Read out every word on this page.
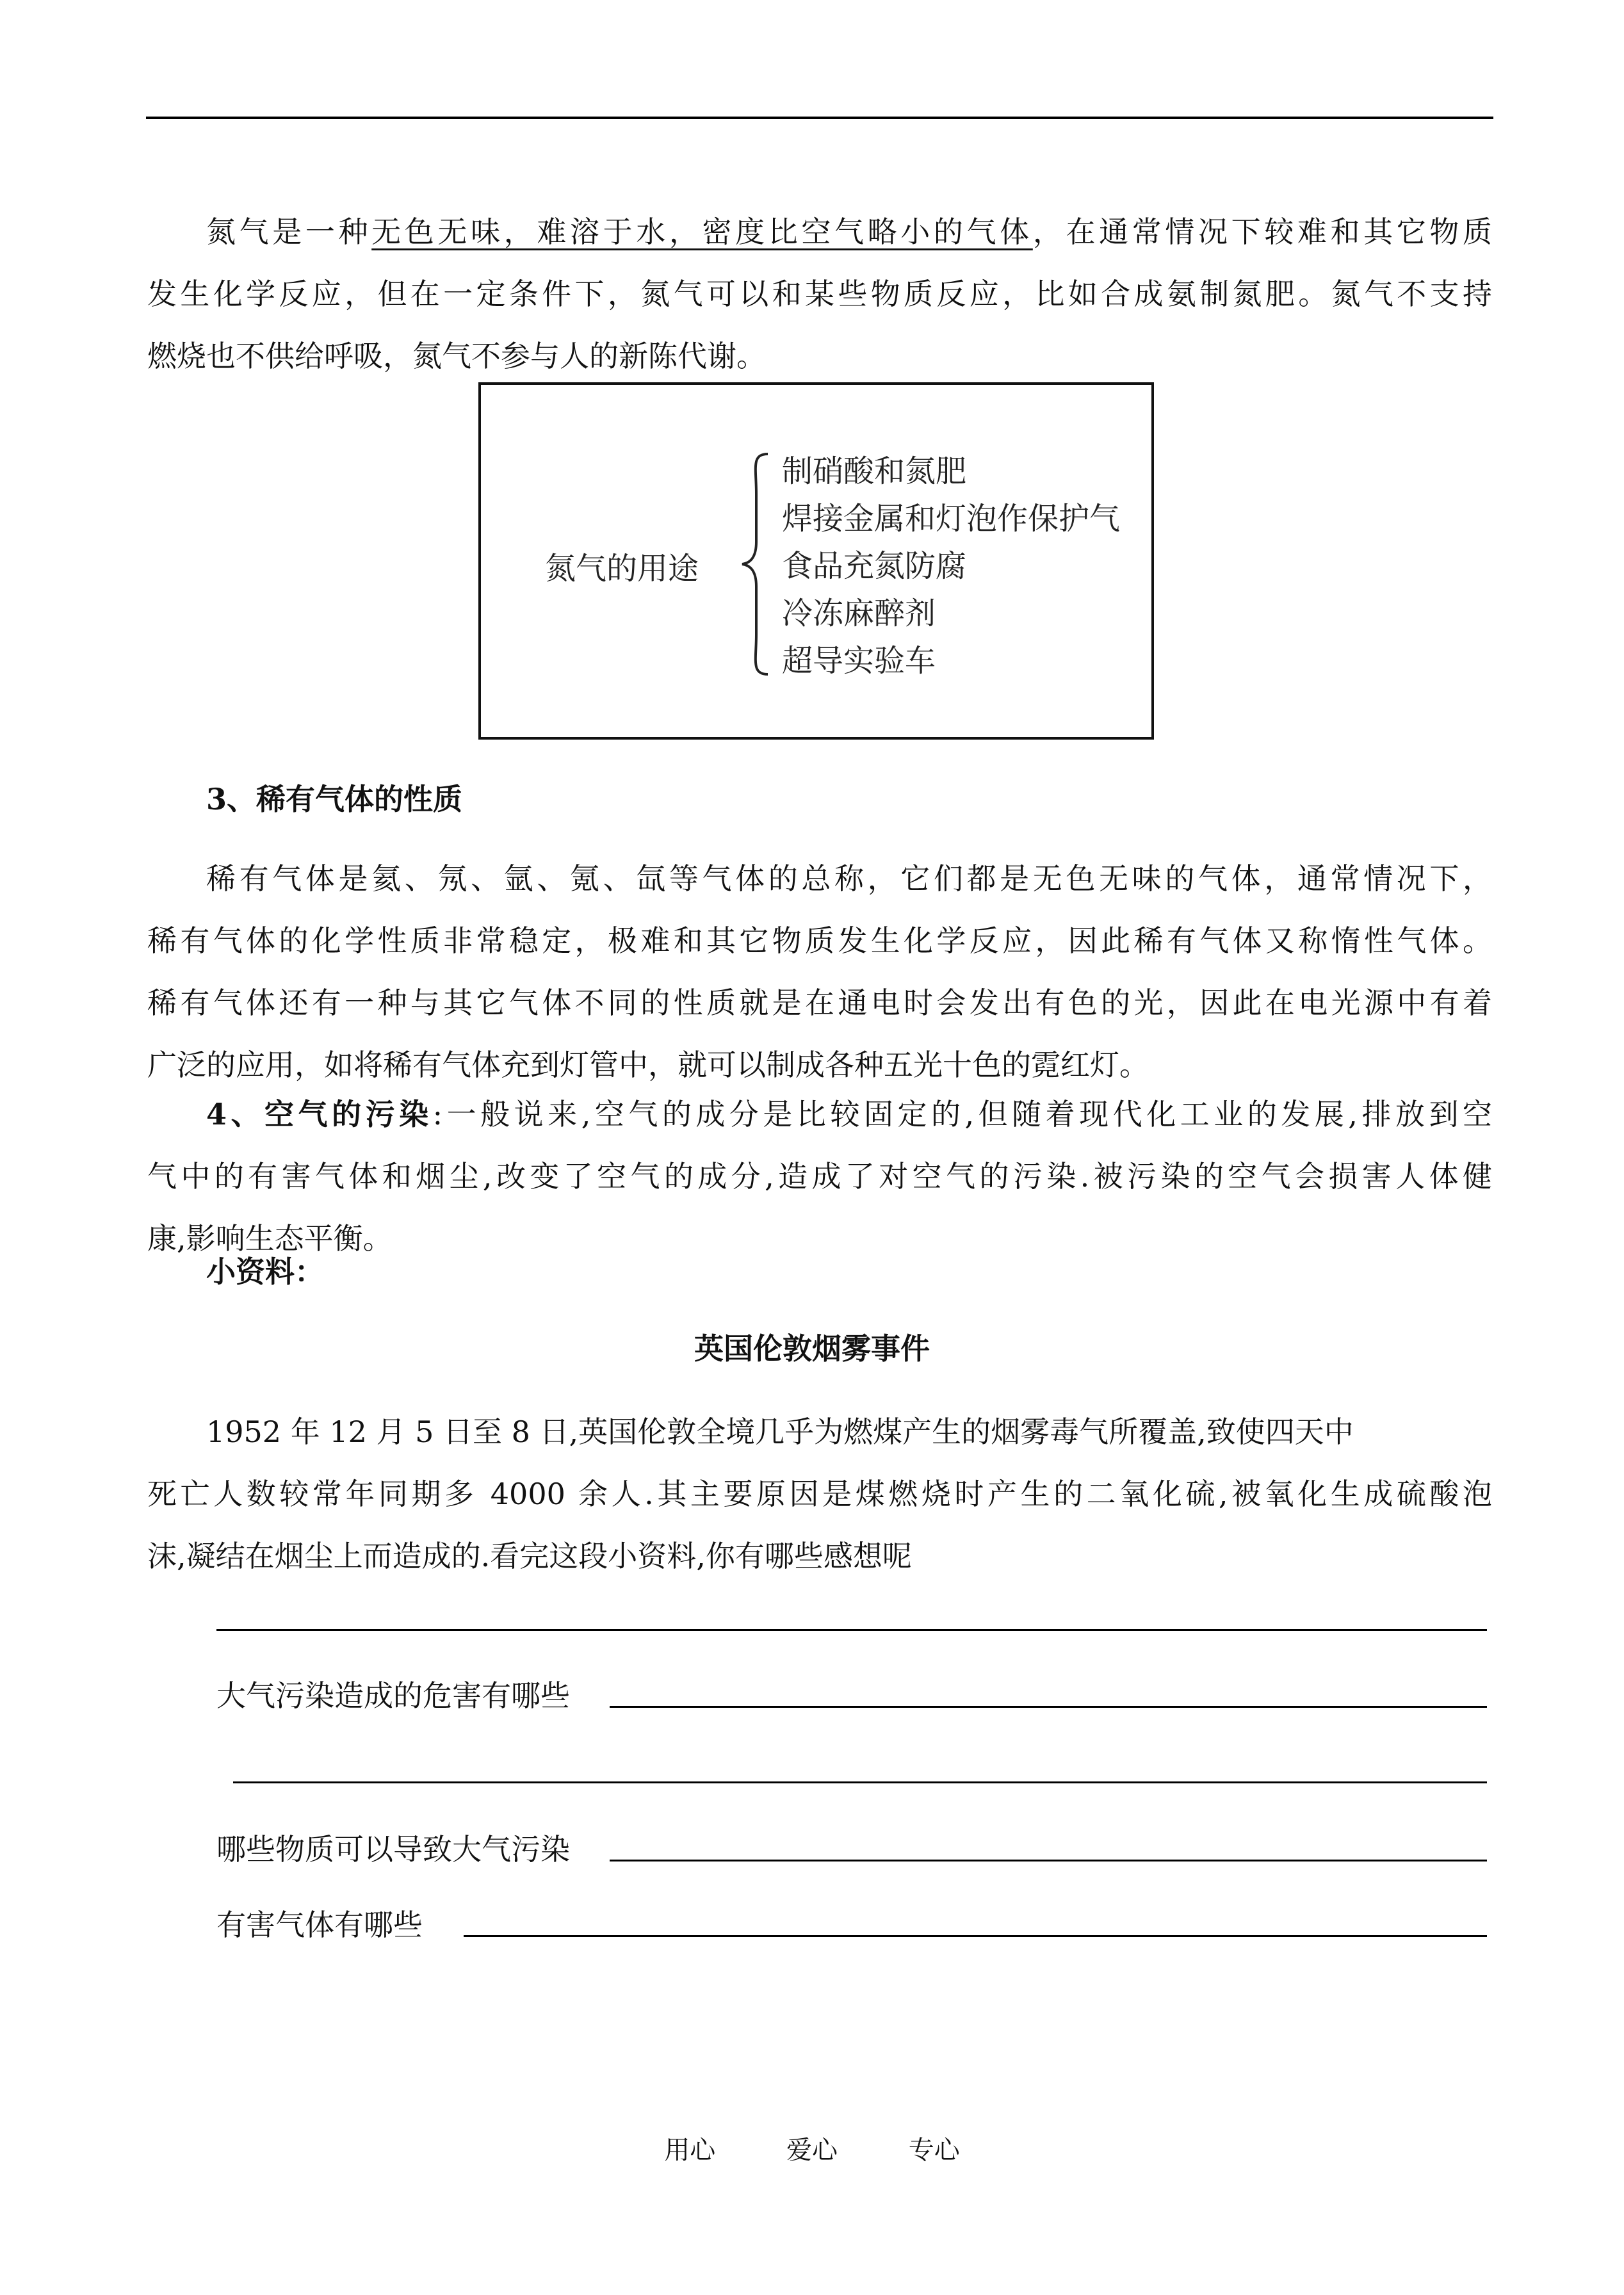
氮气是一种无色无味，难溶于水，密度比空气略小的气体，在通常情况下较难和其它物质
发生化学反应，但在一定条件下，氮气可以和某些物质反应，比如合成氨制氮肥。氮气不支持
燃烧也不供给呼吸，氮气不参与人的新陈代谢。
氮气的用途
制硝酸和氮肥
焊接金属和灯泡作保护气
食品充氮防腐
冷冻麻醉剂
超导实验车
3、稀有气体的性质
稀有气体是氦、氖、氩、氪、氙等气体的总称，它们都是无色无味的气体，通常情况下，
稀有气体的化学性质非常稳定，极难和其它物质发生化学反应，因此稀有气体又称惰性气体。
稀有气体还有一种与其它气体不同的性质就是在通电时会发出有色的光，因此在电光源中有着
广泛的应用，如将稀有气体充到灯管中，就可以制成各种五光十色的霓红灯。
4、空气的污染:一般说来,空气的成分是比较固定的,但随着现代化工业的发展,排放到空
气中的有害气体和烟尘,改变了空气的成分,造成了对空气的污染.被污染的空气会损害人体健
康,影响生态平衡。
小资料：
英国伦敦烟雾事件
1952 年 12 月 5 日至 8 日,英国伦敦全境几乎为燃煤产生的烟雾毒气所覆盖,致使四天中
死亡人数较常年同期多 4000 余人.其主要原因是煤燃烧时产生的二氧化硫,被氧化生成硫酸泡
沫,凝结在烟尘上而造成的.看完这段小资料,你有哪些感想呢
大气污染造成的危害有哪些
哪些物质可以导致大气污染
有害气体有哪些
用心	爱心	专心
